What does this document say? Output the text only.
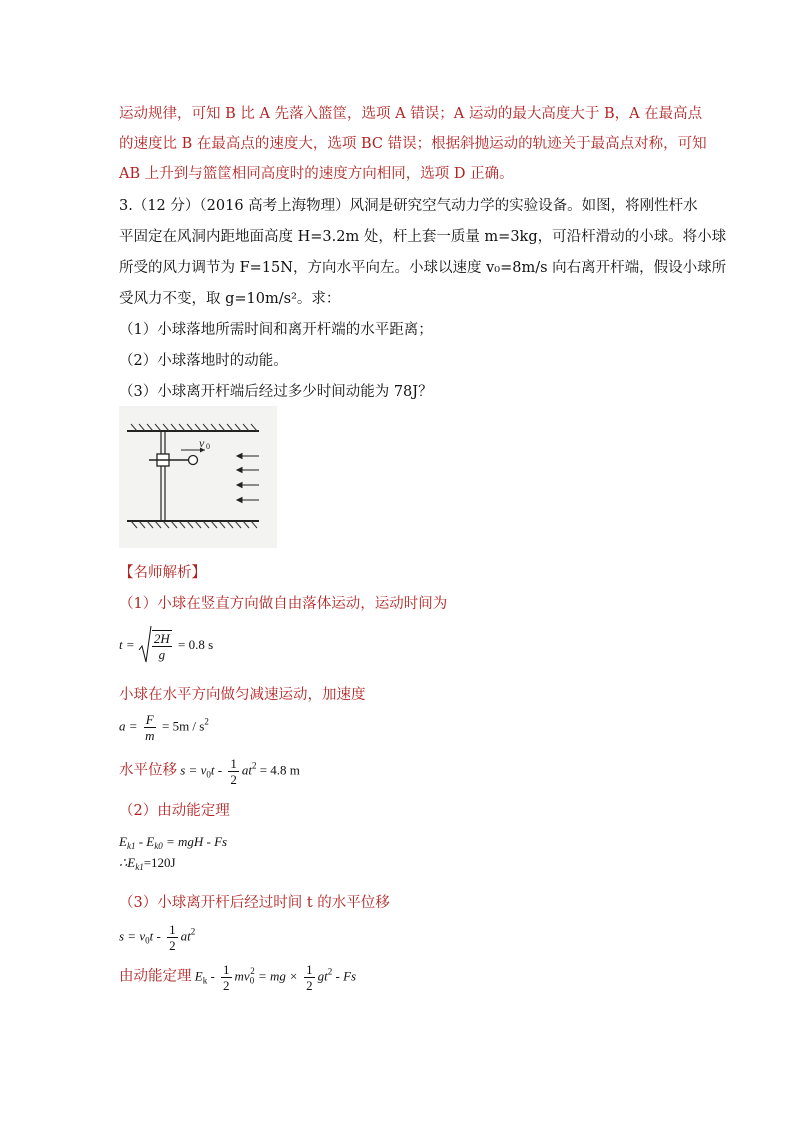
运动规律，可知 B 比 A 先落入篮筐，选项 A 错误；A 运动的最大高度大于 B，A 在最高点
的速度比 B 在最高点的速度大，选项 BC 错误；根据斜抛运动的轨迹关于最高点对称，可知
AB 上升到与篮筐相同高度时的速度方向相同，选项 D 正确。
3.（12 分）（2016 高考上海物理）风洞是研究空气动力学的实验设备。如图，将刚性杆水
平固定在风洞内距地面高度 H=3.2m 处，杆上套一质量 m=3kg，可沿杆滑动的小球。将小球
所受的风力调节为 F=15N，方向水平向左。小球以速度 v₀=8m/s 向右离开杆端，假设小球所
受风力不变，取 g=10m/s²。求：
（1）小球落地所需时间和离开杆端的水平距离；
（2）小球落地时的动能。
（3）小球离开杆端后经过多少时间动能为 78J？
v 0
【名师解析】
（1）小球在竖直方向做自由落体运动，运动时间为
$t = \frac{2H}{g} = 0.8$ s
小球在水平方向做匀减速运动，加速度
$a = \frac{F}{m} = 5m / s^2$
水平位移 $s = v_0t - \frac{1}{2} at^2 = 4.8$ m
（2）由动能定理
$E_{k1} - E_{k0}$ = mgH - Fs
$\therefore E_{k1}=120J$
（3）小球离开杆后经过时间 t 的水平位移
$s = v_0t - \frac{1}{2} at^2$
由动能定理 $E_k - \frac{1}{2} mv_0^2$ = mg × $\frac{1}{2} gt^2$ - Fs
